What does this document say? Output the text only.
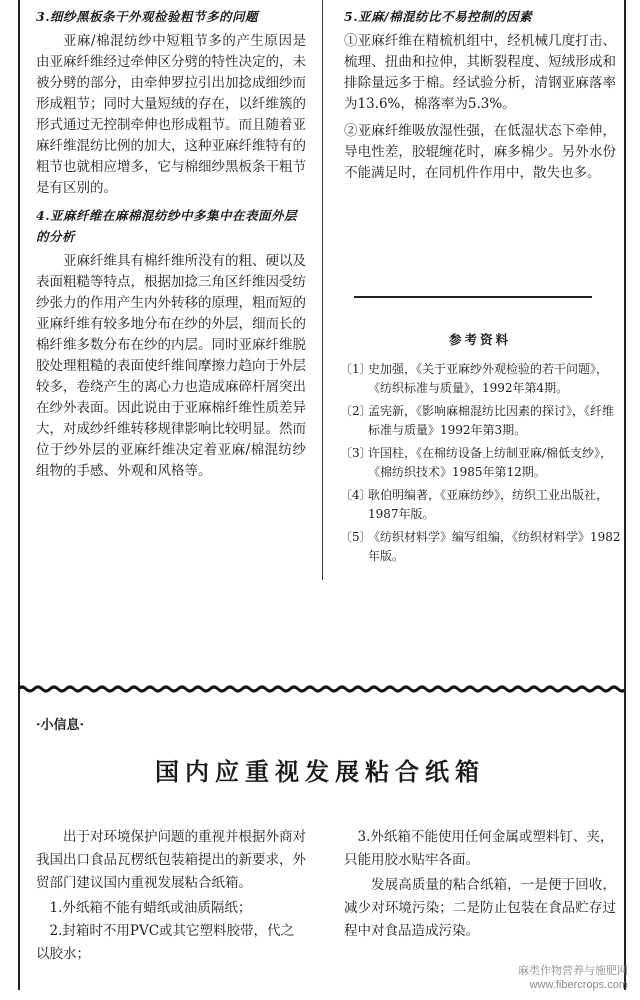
3.细纱黑板条干外观检验粗节多的问题

亚麻/棉混纺纱中短粗节多的产生原因是由亚麻纤维经过牵伸区分劈的特性决定的，未被分劈的部分，由牵伸罗拉引出加捻成细纱而形成粗节；同时大量短绒的存在，以纤维簇的形式通过无控制牵伸也形成粗节。而且随着亚麻纤维混纺比例的加大，这种亚麻纤维特有的粗节也就相应增多，它与棉细纱黑板条干粗节是有区别的。

4.亚麻纤维在麻棉混纺纱中多集中在表面外层的分析

亚麻纤维具有棉纤维所没有的粗、硬以及表面粗糙等特点，根据加捻三角区纤维因受纺纱张力的作用产生内外转移的原理，粗而短的亚麻纤维有较多地分布在纱的外层，细而长的棉纤维多数分布在纱的内层。同时亚麻纤维脱胶处理粗糙的表面使纤维间摩擦力趋向于外层较多，卷绕产生的离心力也造成麻碎杆屑突出在纱外表面。因此说由于亚麻棉纤维性质差异大，对成纱纤维转移规律影响比较明显。然而位于纱外层的亚麻纤维决定着亚麻/棉混纺纱组物的手感、外观和风格等。

5.亚麻/棉混纺比不易控制的因素

①亚麻纤维在精梳机组中，经机械几度打击、梳理、扭曲和拉伸，其断裂程度、短绒形成和排除量远多于棉。经试验分析，清钢亚麻落率为13.6%，棉落率为5.3%。

②亚麻纤维吸放湿性强，在低湿状态下牵伸，导电性差，胶辊缠花时，麻多棉少。另外水份不能满足时，在同机件作用中，散失也多。

参考资料
〔1〕
史加强，《关于亚麻纱外观检验的若干问题》，《纺织标准与质量》，1992年第4期。
〔2〕
孟宪新，《影响麻棉混纺比因素的探讨》，《纤维标准与质量》1992年第3期。
〔3〕
许国柱，《在棉纺设备上纺制亚麻/棉低支纱》，《棉纺织技术》1985年第12期。
〔4〕
耿伯明编著，《亚麻纺纱》，纺织工业出版社，1987年版。
〔5〕
《纺织材料学》编写组编，《纺织材料学》1982年版。
·小信息·
国内应重视发展粘合纸箱

出于对环境保护问题的重视并根据外商对我国出口食品瓦楞纸包装箱提出的新要求，外贸部门建议国内重视发展粘合纸箱。

1.外纸箱不能有蜡纸或油质隔纸；

2.封箱时不用PVC或其它塑料胶带，代之以胶水；

3.外纸箱不能使用任何金属或塑料钉、夹，只能用胶水贴牢各面。

发展高质量的粘合纸箱，一是便于回收，减少对环境污染；二是防止包装在食品贮存过程中对食品造成污染。

麻类作物营养与施肥网
www.fibercrops.com
